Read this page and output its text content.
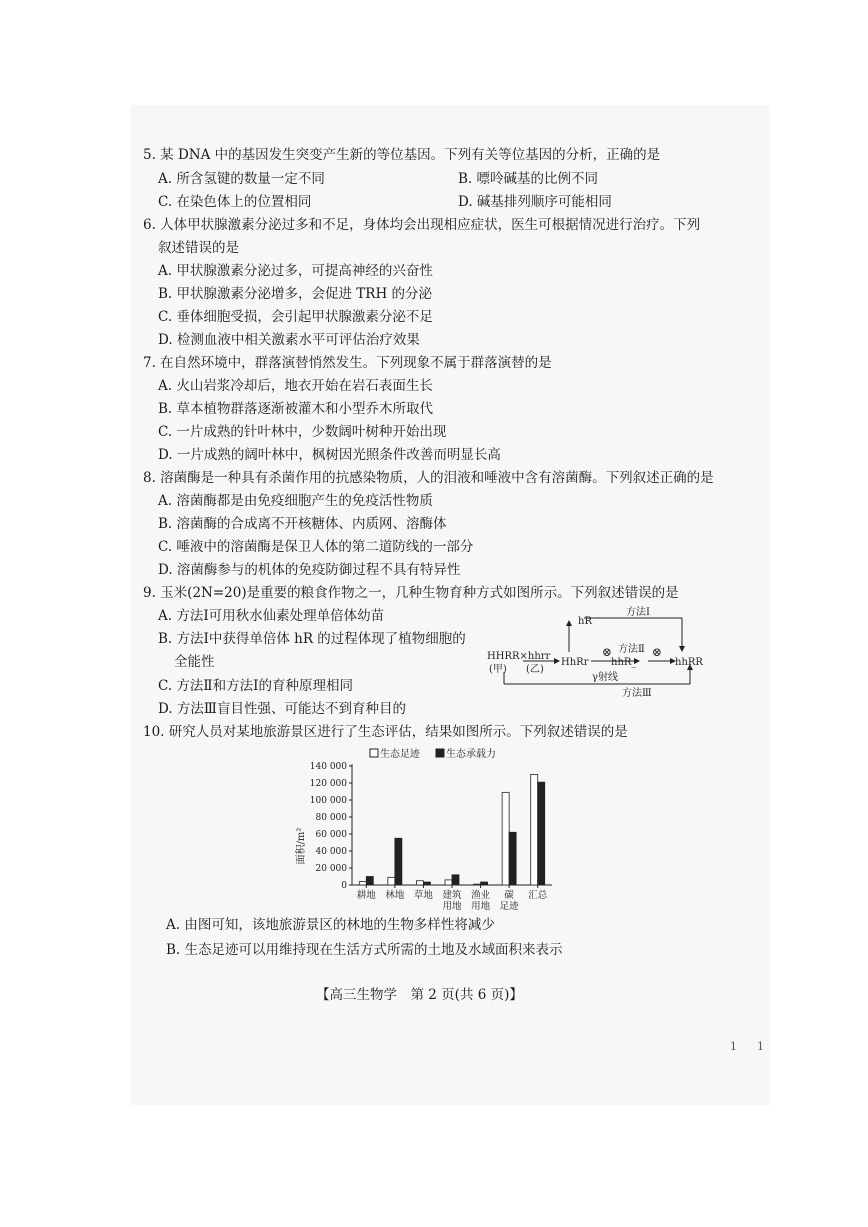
5. 某 DNA 中的基因发生突变产生新的等位基因。下列有关等位基因的分析，正确的是
A. 所含氢键的数量一定不同	B. 嘌呤碱基的比例不同
C. 在染色体上的位置相同	D. 碱基排列顺序可能相同
6. 人体甲状腺激素分泌过多和不足，身体均会出现相应症状，医生可根据情况进行治疗。下列
叙述错误的是
A. 甲状腺激素分泌过多，可提高神经的兴奋性
B. 甲状腺激素分泌增多，会促进 TRH 的分泌
C. 垂体细胞受损，会引起甲状腺激素分泌不足
D. 检测血液中相关激素水平可评估治疗效果
7. 在自然环境中，群落演替悄然发生。下列现象不属于群落演替的是
A. 火山岩浆冷却后，地衣开始在岩石表面生长
B. 草本植物群落逐渐被灌木和小型乔木所取代
C. 一片成熟的针叶林中，少数阔叶树种开始出现
D. 一片成熟的阔叶林中，枫树因光照条件改善而明显长高
8. 溶菌酶是一种具有杀菌作用的抗感染物质，人的泪液和唾液中含有溶菌酶。下列叙述正确的是
A. 溶菌酶都是由免疫细胞产生的免疫活性物质
B. 溶菌酶的合成离不开核糖体、内质网、溶酶体
C. 唾液中的溶菌酶是保卫人体的第二道防线的一部分
D. 溶菌酶参与的机体的免疫防御过程不具有特异性
9. 玉米(2N=20)是重要的粮食作物之一，几种生物育种方式如图所示。下列叙述错误的是
A. 方法Ⅰ可用秋水仙素处理单倍体幼苗
B. 方法Ⅰ中获得单倍体 hR 的过程体现了植物细胞的
全能性
C. 方法Ⅱ和方法Ⅰ的育种原理相同
D. 方法Ⅲ盲目性强、可能达不到育种目的
方法Ⅰ
hR
HHRR×hhrr
(甲) (乙)
HhRr
⊗ 方法Ⅱ ⊗
hhR_	hhRR
γ射线
方法Ⅲ
10. 研究人员对某地旅游景区进行了生态评估，结果如图所示。下列叙述错误的是
0
20 000
40 000
60 000
80 000
100 000
120 000
140 000
耕地 林地 草地 建筑
用地
渔业
用地
碳
足迹
汇总
生态足迹	生态承载力
面积/m²
A. 由图可知，该地旅游景区的林地的生物多样性将减少
B. 生态足迹可以用维持现在生活方式所需的土地及水域面积来表示
【高三生物学　第 2 页(共 6 页)】
1 1
